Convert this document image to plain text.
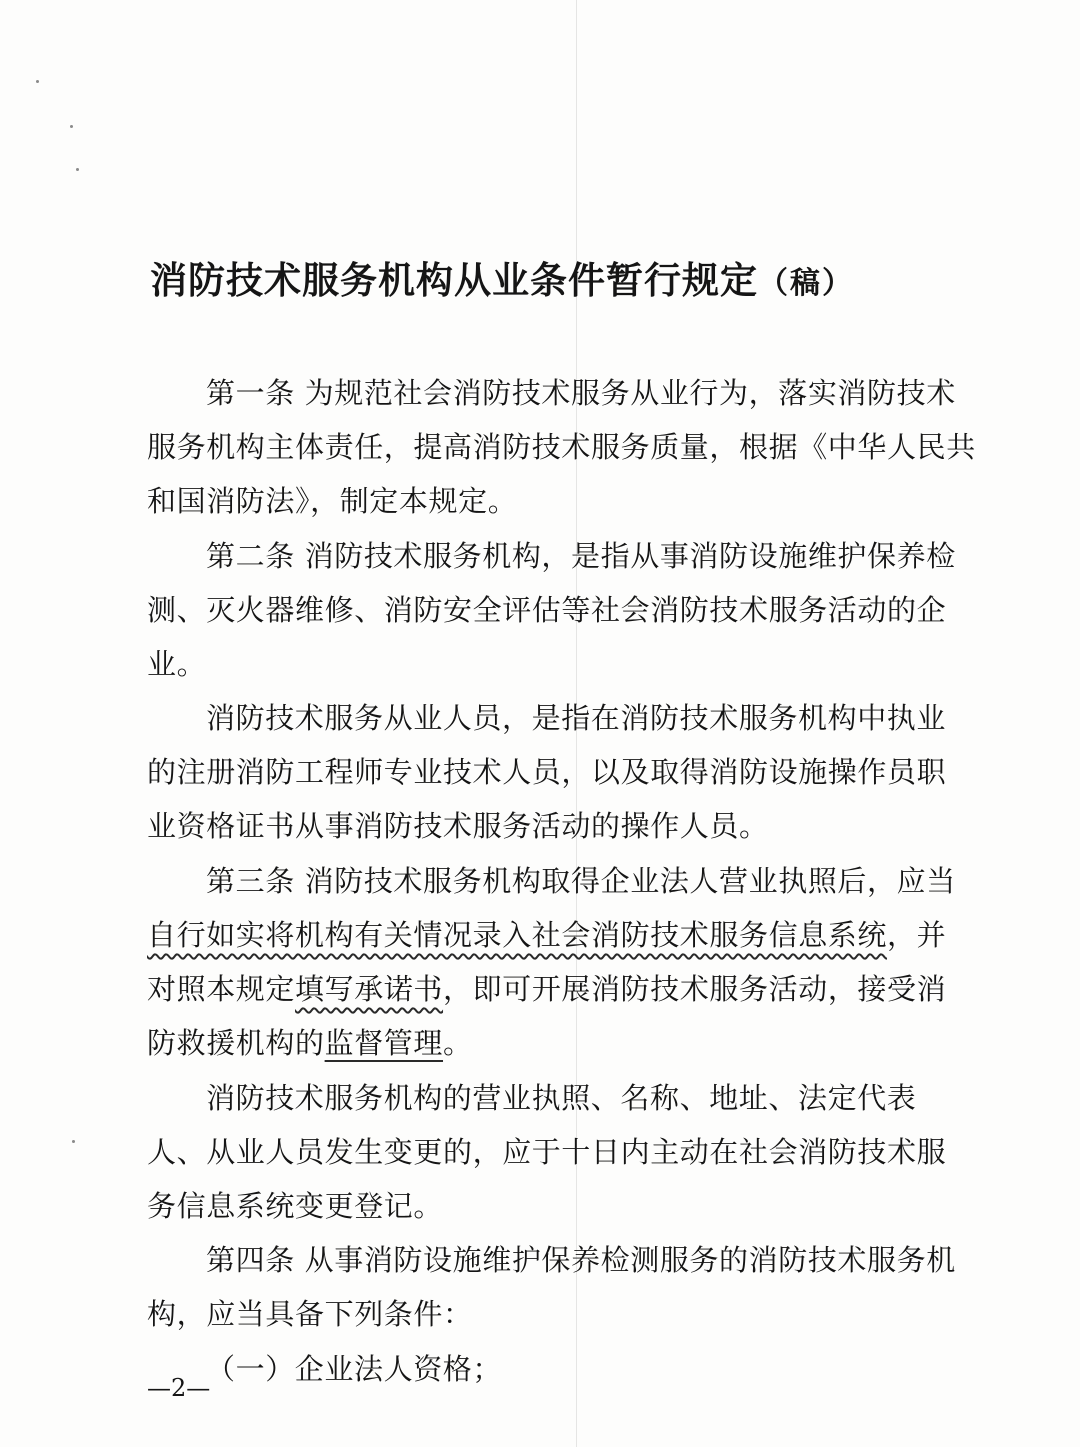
消防技术服务机构从业条件暂行规定（稿）
第一条 为规范社会消防技术服务从业行为，落实消防技术
服务机构主体责任，提高消防技术服务质量，根据《中华人民共
和国消防法》，制定本规定。
第二条 消防技术服务机构，是指从事消防设施维护保养检
测、灭火器维修、消防安全评估等社会消防技术服务活动的企
业。
消防技术服务从业人员，是指在消防技术服务机构中执业
的注册消防工程师专业技术人员，以及取得消防设施操作员职
业资格证书从事消防技术服务活动的操作人员。
第三条 消防技术服务机构取得企业法人营业执照后，应当
自行如实将机构有关情况录入社会消防技术服务信息系统，并
对照本规定填写承诺书，即可开展消防技术服务活动，接受消
防救援机构的监督管理。
消防技术服务机构的营业执照、名称、地址、法定代表
人、从业人员发生变更的，应于十日内主动在社会消防技术服
务信息系统变更登记。
第四条 从事消防设施维护保养检测服务的消防技术服务机
构，应当具备下列条件：
（一）企业法人资格；
—2—
